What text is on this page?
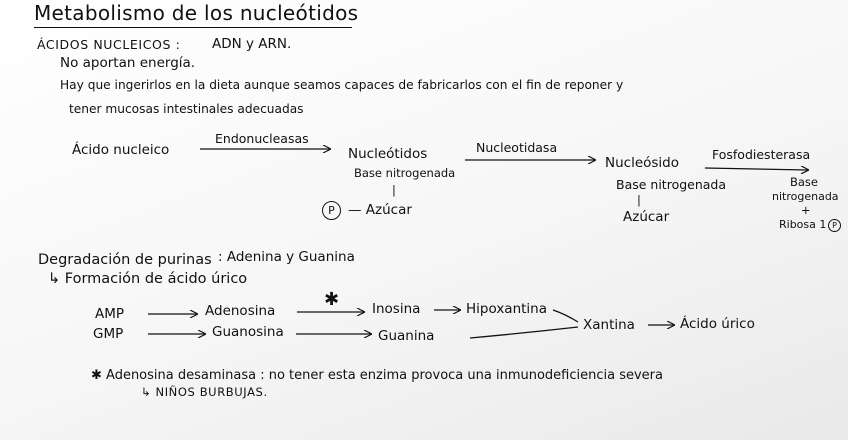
Metabolismo de los nucleótidos
ÁCIDOS NUCLEICOS : ADN y ARN.
No aportan energía.
Hay que ingerirlos en la dieta aunque seamos capaces de fabricarlos con el fin de reponer y
tener mucosas intestinales adecuadas
Ácido nucleico
Endonucleasas
Nucleótidos
Base nitrogenada
|
P — Azúcar
Nucleotidasa
Nucleósido
Base nitrogenada
|
Azúcar
Fosfodiesterasa
Base
nitrogenada
+
Ribosa 1 P
Degradación de purinas : Adenina y Guanina
↳ Formación de ácido úrico
AMP	Adenosina
✱ Inosina	Hipoxantina
GMP	Guanosina	Guanina
Xantina	Ácido úrico
✱ Adenosina desaminasa : no tener esta enzima provoca una inmunodeficiencia severa
↳ NIÑOS BURBUJAS.
